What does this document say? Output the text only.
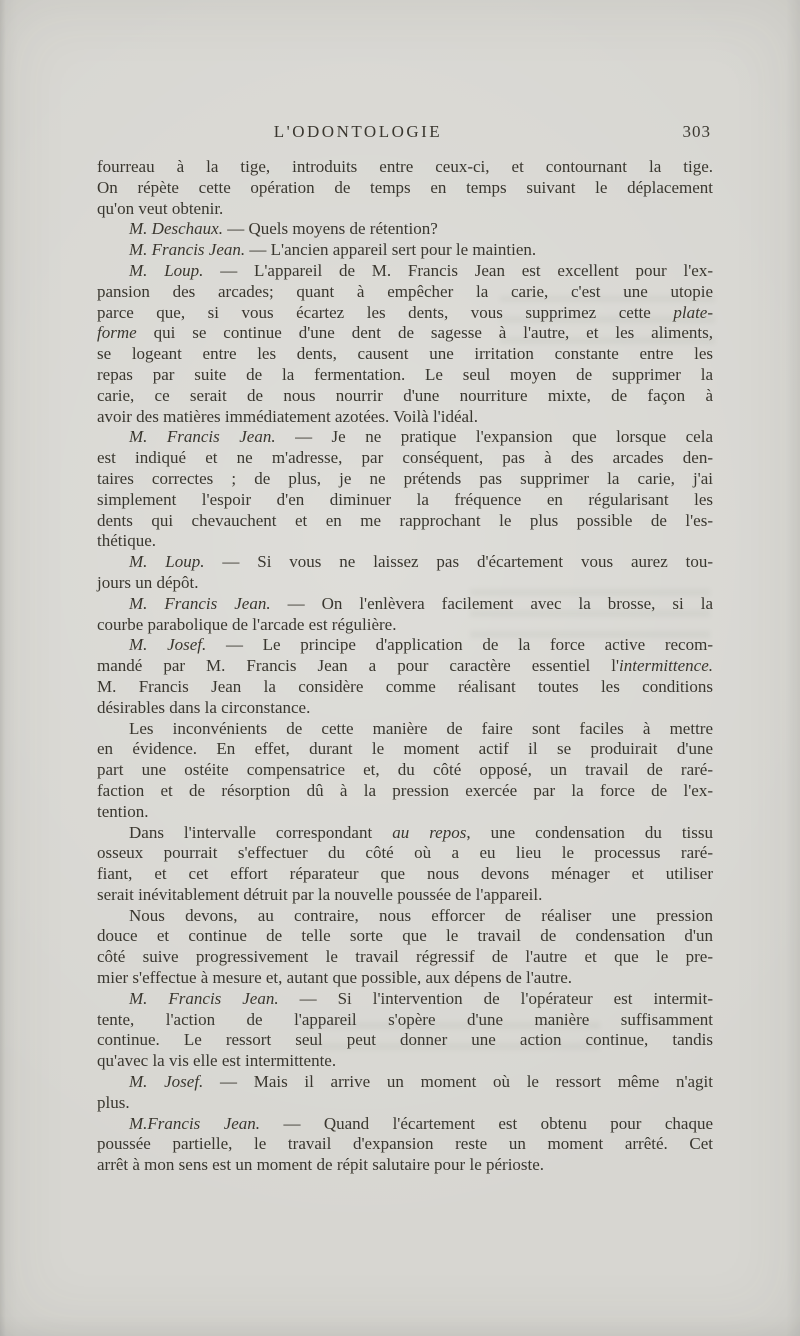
L'ODONTOLOGIE	303

fourreau à la tige, introduits entre ceux-ci, et contournant la tige.
On répète cette opération de temps en temps suivant le déplacement
qu'on veut obtenir.

M. Deschaux. — Quels moyens de rétention?

M. Francis Jean. — L'ancien appareil sert pour le maintien.

M. Loup. — L'appareil de M. Francis Jean est excellent pour l'ex-
pansion des arcades; quant à empêcher la carie, c'est une utopie
parce que, si vous écartez les dents, vous supprimez cette plate-
forme qui se continue d'une dent de sagesse à l'autre, et les aliments,
se logeant entre les dents, causent une irritation constante entre les
repas par suite de la fermentation. Le seul moyen de supprimer la
carie, ce serait de nous nourrir d'une nourriture mixte, de façon à
avoir des matières immédiatement azotées. Voilà l'idéal.

M. Francis Jean. — Je ne pratique l'expansion que lorsque cela
est indiqué et ne m'adresse, par conséquent, pas à des arcades den-
taires correctes ; de plus, je ne prétends pas supprimer la carie, j'ai
simplement l'espoir d'en diminuer la fréquence en régularisant les
dents qui chevauchent et en me rapprochant le plus possible de l'es-
thétique.

M. Loup. — Si vous ne laissez pas d'écartement vous aurez tou-
jours un dépôt.

M. Francis Jean. — On l'enlèvera facilement avec la brosse, si la
courbe parabolique de l'arcade est régulière.

M. Josef. — Le principe d'application de la force active recom-
mandé par M. Francis Jean a pour caractère essentiel l'intermittence.
M. Francis Jean la considère comme réalisant toutes les conditions
désirables dans la circonstance.

Les inconvénients de cette manière de faire sont faciles à mettre
en évidence. En effet, durant le moment actif il se produirait d'une
part une ostéite compensatrice et, du côté opposé, un travail de raré-
faction et de résorption dû à la pression exercée par la force de l'ex-
tention.

Dans l'intervalle correspondant au repos, une condensation du tissu
osseux pourrait s'effectuer du côté où a eu lieu le processus raré-
fiant, et cet effort réparateur que nous devons ménager et utiliser
serait inévitablement détruit par la nouvelle poussée de l'appareil.

Nous devons, au contraire, nous efforcer de réaliser une pression
douce et continue de telle sorte que le travail de condensation d'un
côté suive progressivement le travail régressif de l'autre et que le pre-
mier s'effectue à mesure et, autant que possible, aux dépens de l'autre.

M. Francis Jean. — Si l'intervention de l'opérateur est intermit-
tente, l'action de l'appareil s'opère d'une manière suffisamment
continue. Le ressort seul peut donner une action continue, tandis
qu'avec la vis elle est intermittente.

M. Josef. — Mais il arrive un moment où le ressort même n'agit
plus.

M.Francis Jean. — Quand l'écartement est obtenu pour chaque
poussée partielle, le travail d'expansion reste un moment arrêté. Cet
arrêt à mon sens est un moment de répit salutaire pour le périoste.
